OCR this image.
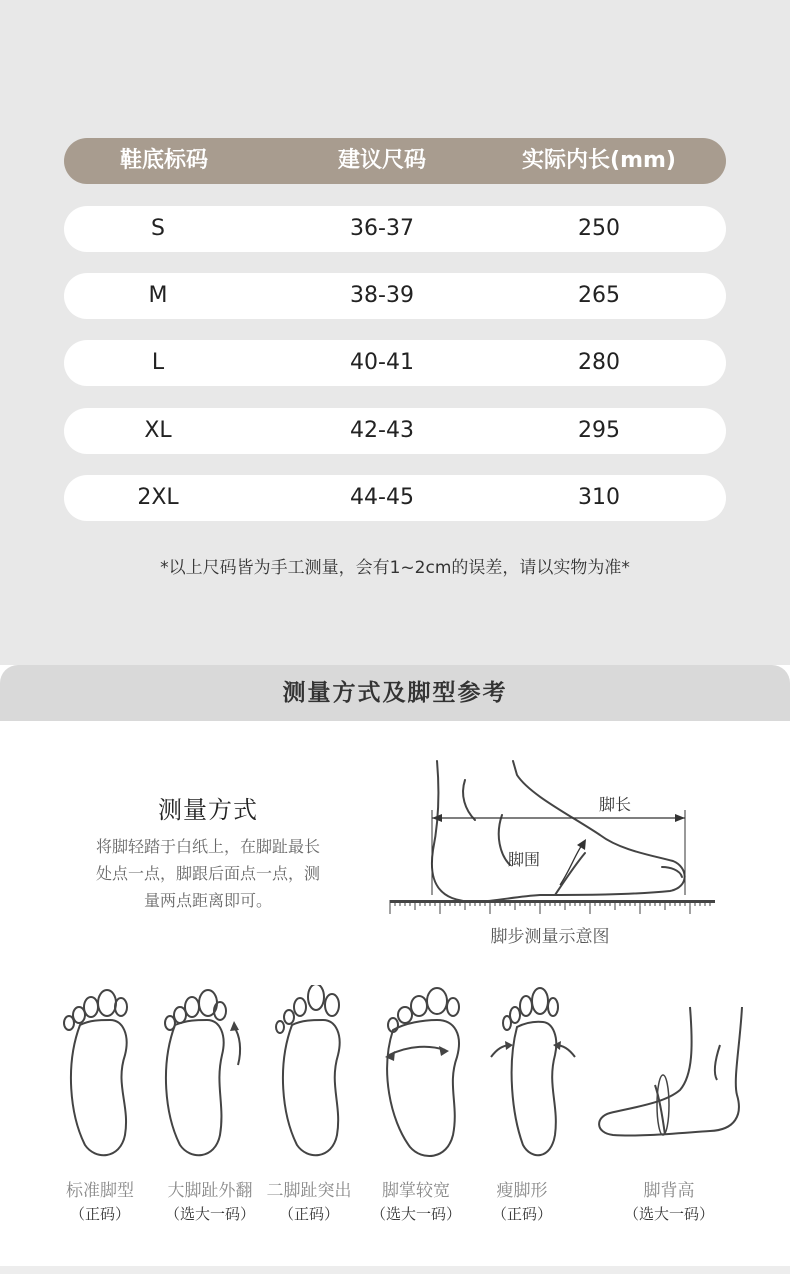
鞋底标码	建议尺码	实际内长(mm)
S	36-37	250
M	38-39	265
L	40-41	280
XL	42-43	295
2XL	44-45	310
*以上尺码皆为手工测量，会有1~2cm的误差，请以实物为准*
测量方式及脚型参考
测量方式
将脚轻踏于白纸上，在脚趾最长
处点一点，脚跟后面点一点，测
量两点距离即可。
脚长
脚围
脚步测量示意图
标准脚型
（正码）
大脚趾外翻
（选大一码）
二脚趾突出
（正码）
脚掌较宽
（选大一码）
瘦脚形
（正码）
脚背高
（选大一码）
